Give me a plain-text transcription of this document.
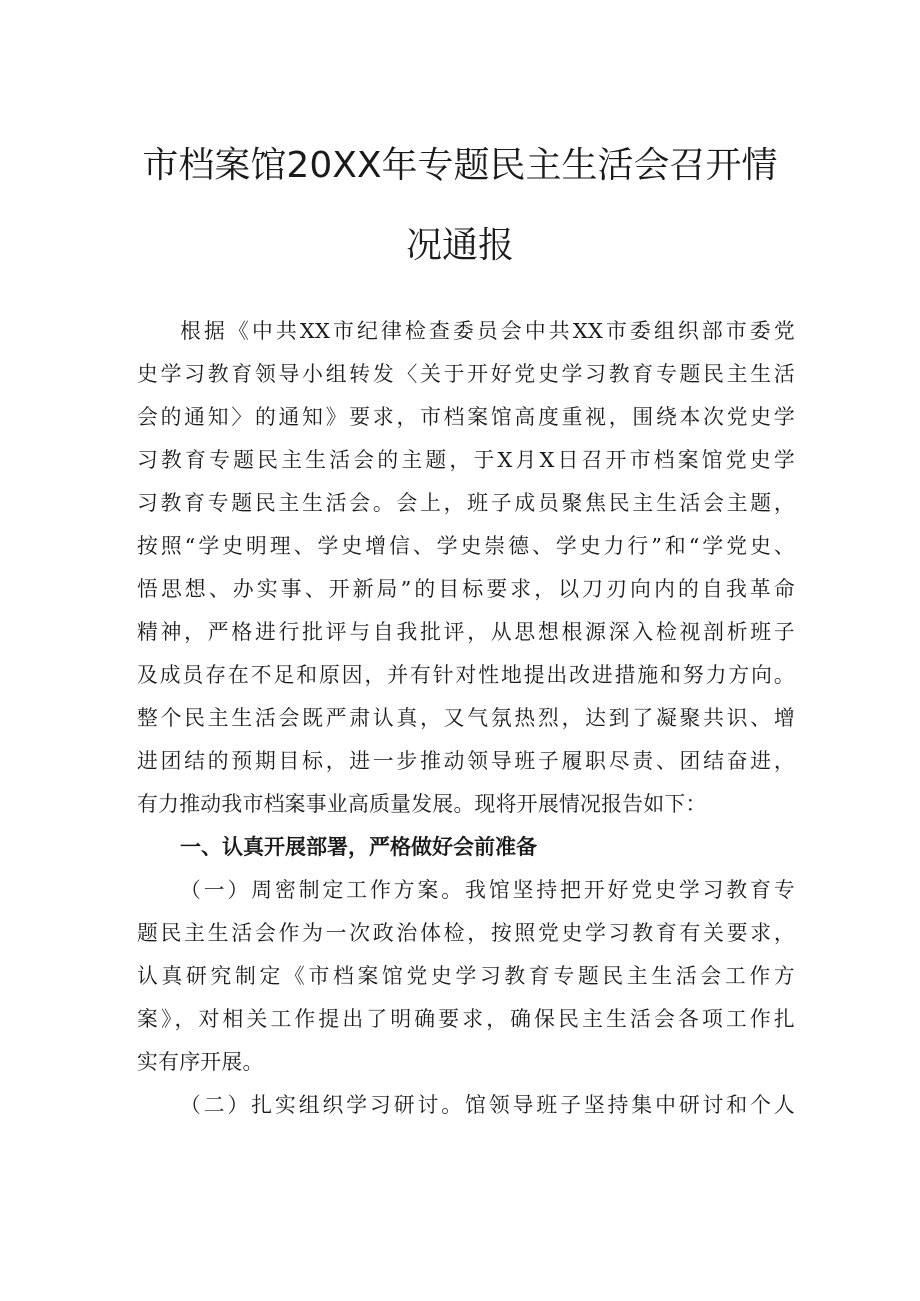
市档案馆20XX年专题民主生活会召开情
况通报
根据《中共XX市纪律检查委员会中共XX市委组织部市委党
史学习教育领导小组转发〈关于开好党史学习教育专题民主生活
会的通知〉的通知》要求，市档案馆高度重视，围绕本次党史学
习教育专题民主生活会的主题，于X月X日召开市档案馆党史学
习教育专题民主生活会。会上，班子成员聚焦民主生活会主题，
按照“学史明理、学史增信、学史崇德、学史力行”和“学党史、
悟思想、办实事、开新局”的目标要求，以刀刃向内的自我革命
精神，严格进行批评与自我批评，从思想根源深入检视剖析班子
及成员存在不足和原因，并有针对性地提出改进措施和努力方向。
整个民主生活会既严肃认真，又气氛热烈，达到了凝聚共识、增
进团结的预期目标，进一步推动领导班子履职尽责、团结奋进，
有力推动我市档案事业高质量发展。现将开展情况报告如下：
一、认真开展部署，严格做好会前准备
（一）周密制定工作方案。我馆坚持把开好党史学习教育专
题民主生活会作为一次政治体检，按照党史学习教育有关要求，
认真研究制定《市档案馆党史学习教育专题民主生活会工作方
案》，对相关工作提出了明确要求，确保民主生活会各项工作扎
实有序开展。
（二）扎实组织学习研讨。馆领导班子坚持集中研讨和个人
